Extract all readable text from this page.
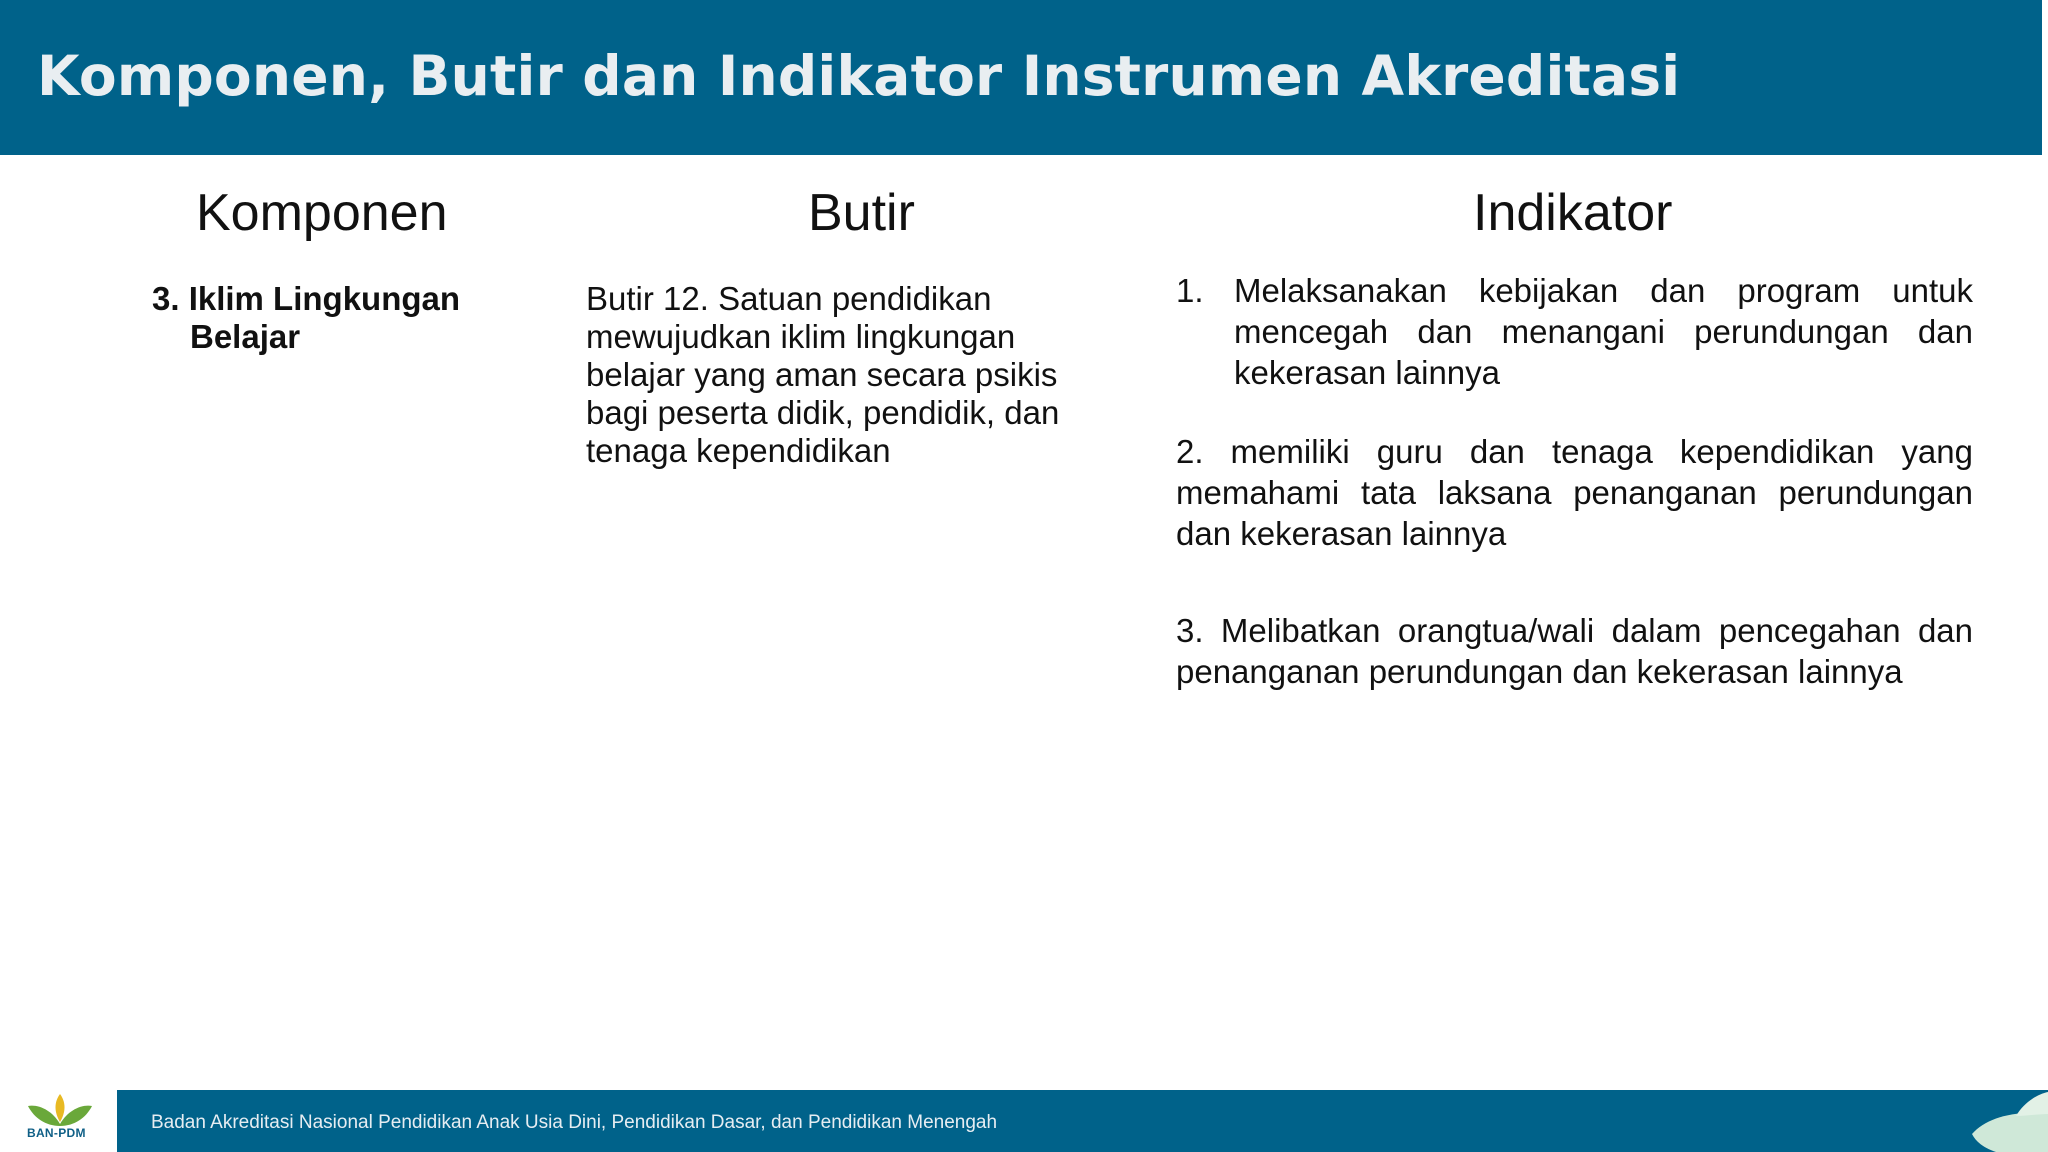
Komponen, Butir dan Indikator Instrumen Akreditasi
Komponen	Butir	Indikator

3. Iklim Lingkungan Belajar

Butir 12. Satuan pendidikan mewujudkan iklim lingkungan belajar yang aman secara psikis bagi peserta didik, pendidik, dan tenaga kependidikan

1. Melaksanakan kebijakan dan program untuk mencegah dan menangani perundungan dan kekerasan lainnya
2. memiliki guru dan tenaga kependidikan yang memahami tata laksana penanganan perundungan dan kekerasan lainnya
3. Melibatkan orangtua/wali dalam pencegahan dan penanganan perundungan dan kekerasan lainnya

Badan Akreditasi Nasional Pendidikan Anak Usia Dini, Pendidikan Dasar, dan Pendidikan Menengah

BAN-PDM
